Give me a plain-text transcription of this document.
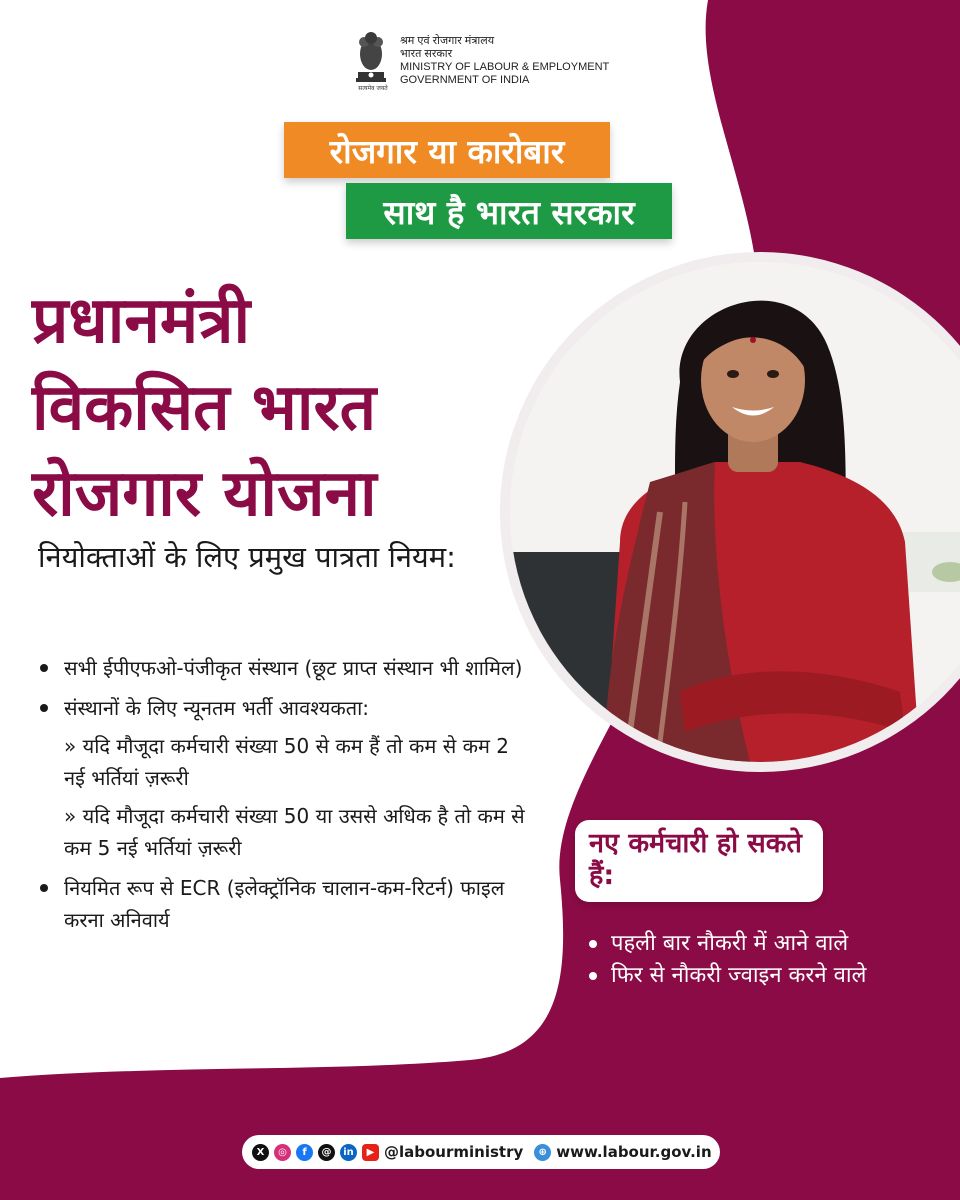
सत्यमेव जयते
श्रम एवं रोजगार मंत्रालय
भारत सरकार
MINISTRY OF LABOUR & EMPLOYMENT
GOVERNMENT OF INDIA
रोजगार या कारोबार
साथ है भारत सरकार
प्रधानमंत्री
विकसित भारत
रोजगार योजना
नियोक्ताओं के लिए प्रमुख पात्रता नियम:
सभी ईपीएफओ-पंजीकृत संस्थान (छूट प्राप्त संस्थान भी शामिल)
संस्थानों के लिए न्यूनतम भर्ती आवश्यकता:
» यदि मौजूदा कर्मचारी संख्या 50 से कम हैं तो कम से कम 2 नई भर्तियां ज़रूरी
» यदि मौजूदा कर्मचारी संख्या 50 या उससे अधिक है तो कम से कम 5 नई भर्तियां ज़रूरी
नियमित रूप से ECR (इलेक्ट्रॉनिक चालान-कम-रिटर्न) फाइल करना अनिवार्य
नए कर्मचारी हो सकते हैं:
पहली बार नौकरी में आने वाले
फिर से नौकरी ज्वाइन करने वाले
X	◎	f	@	in	▶ @labourministry	⊕ www.labour.gov.in
